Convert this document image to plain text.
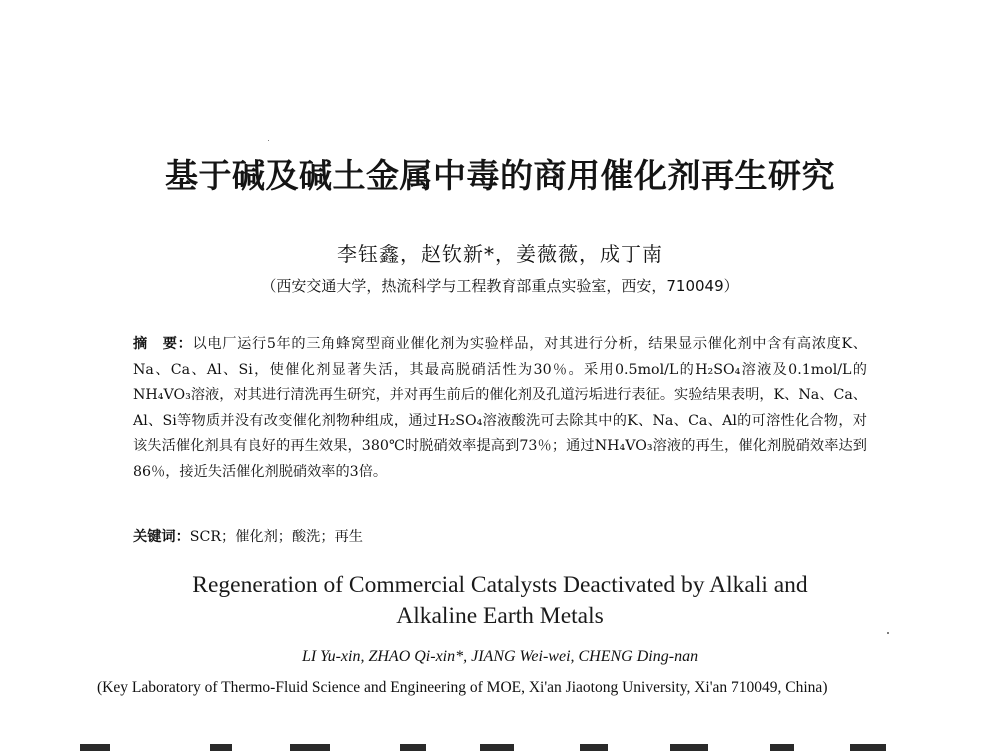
基于碱及碱土金属中毒的商用催化剂再生研究
李钰鑫，赵钦新*，姜薇薇，成丁南
（西安交通大学，热流科学与工程教育部重点实验室，西安，710049）
摘　要：以电厂运行5年的三角蜂窝型商业催化剂为实验样品，对其进行分析，结果显示催化剂中含有高浓度K、Na、Ca、Al、Si，使催化剂显著失活，其最高脱硝活性为30％。采用0.5mol/L的H₂SO₄溶液及0.1mol/L的NH₄VO₃溶液，对其进行清洗再生研究，并对再生前后的催化剂及孔道污垢进行表征。实验结果表明，K、Na、Ca、Al、Si等物质并没有改变催化剂物种组成，通过H₂SO₄溶液酸洗可去除其中的K、Na、Ca、Al的可溶性化合物，对该失活催化剂具有良好的再生效果，380℃时脱硝效率提高到73％；通过NH₄VO₃溶液的再生，催化剂脱硝效率达到86％，接近失活催化剂脱硝效率的3倍。
关键词：SCR；催化剂；酸洗；再生
Regeneration of Commercial Catalysts Deactivated by Alkali and
Alkaline Earth Metals
LI Yu-xin, ZHAO Qi-xin*, JIANG Wei-wei, CHENG Ding-nan
(Key Laboratory of Thermo-Fluid Science and Engineering of MOE, Xi'an Jiaotong University, Xi'an 710049, China)
